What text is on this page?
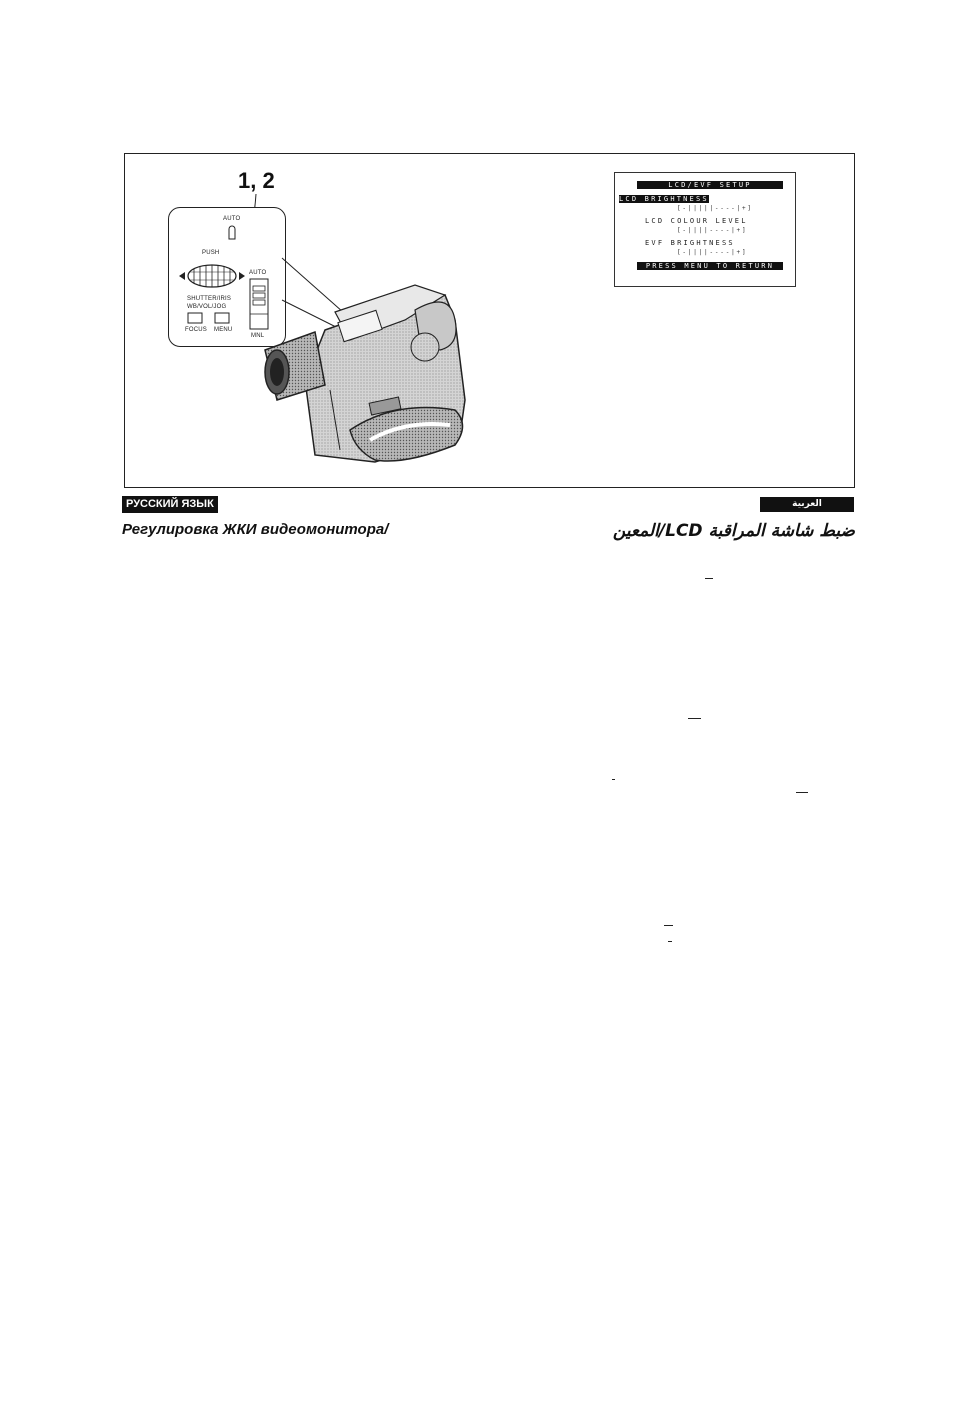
1, 2
AUTO
PUSH
AUTO
SHUTTER/IRIS
WB/VOL/JOG
FOCUS MENU
MNL
LCD/EVF SETUP
LCD BRIGHTNESS
[-|||||----|+]
LCD COLOUR LEVEL
[-||||----|+]
EVF BRIGHTNESS
[-||||----|+]
PRESS MENU TO RETURN
РУССКИЙ ЯЗЫК	العربية
Регулировка ЖКИ видеомонитора/	ضبط شاشة المراقبة LCD/المعين
